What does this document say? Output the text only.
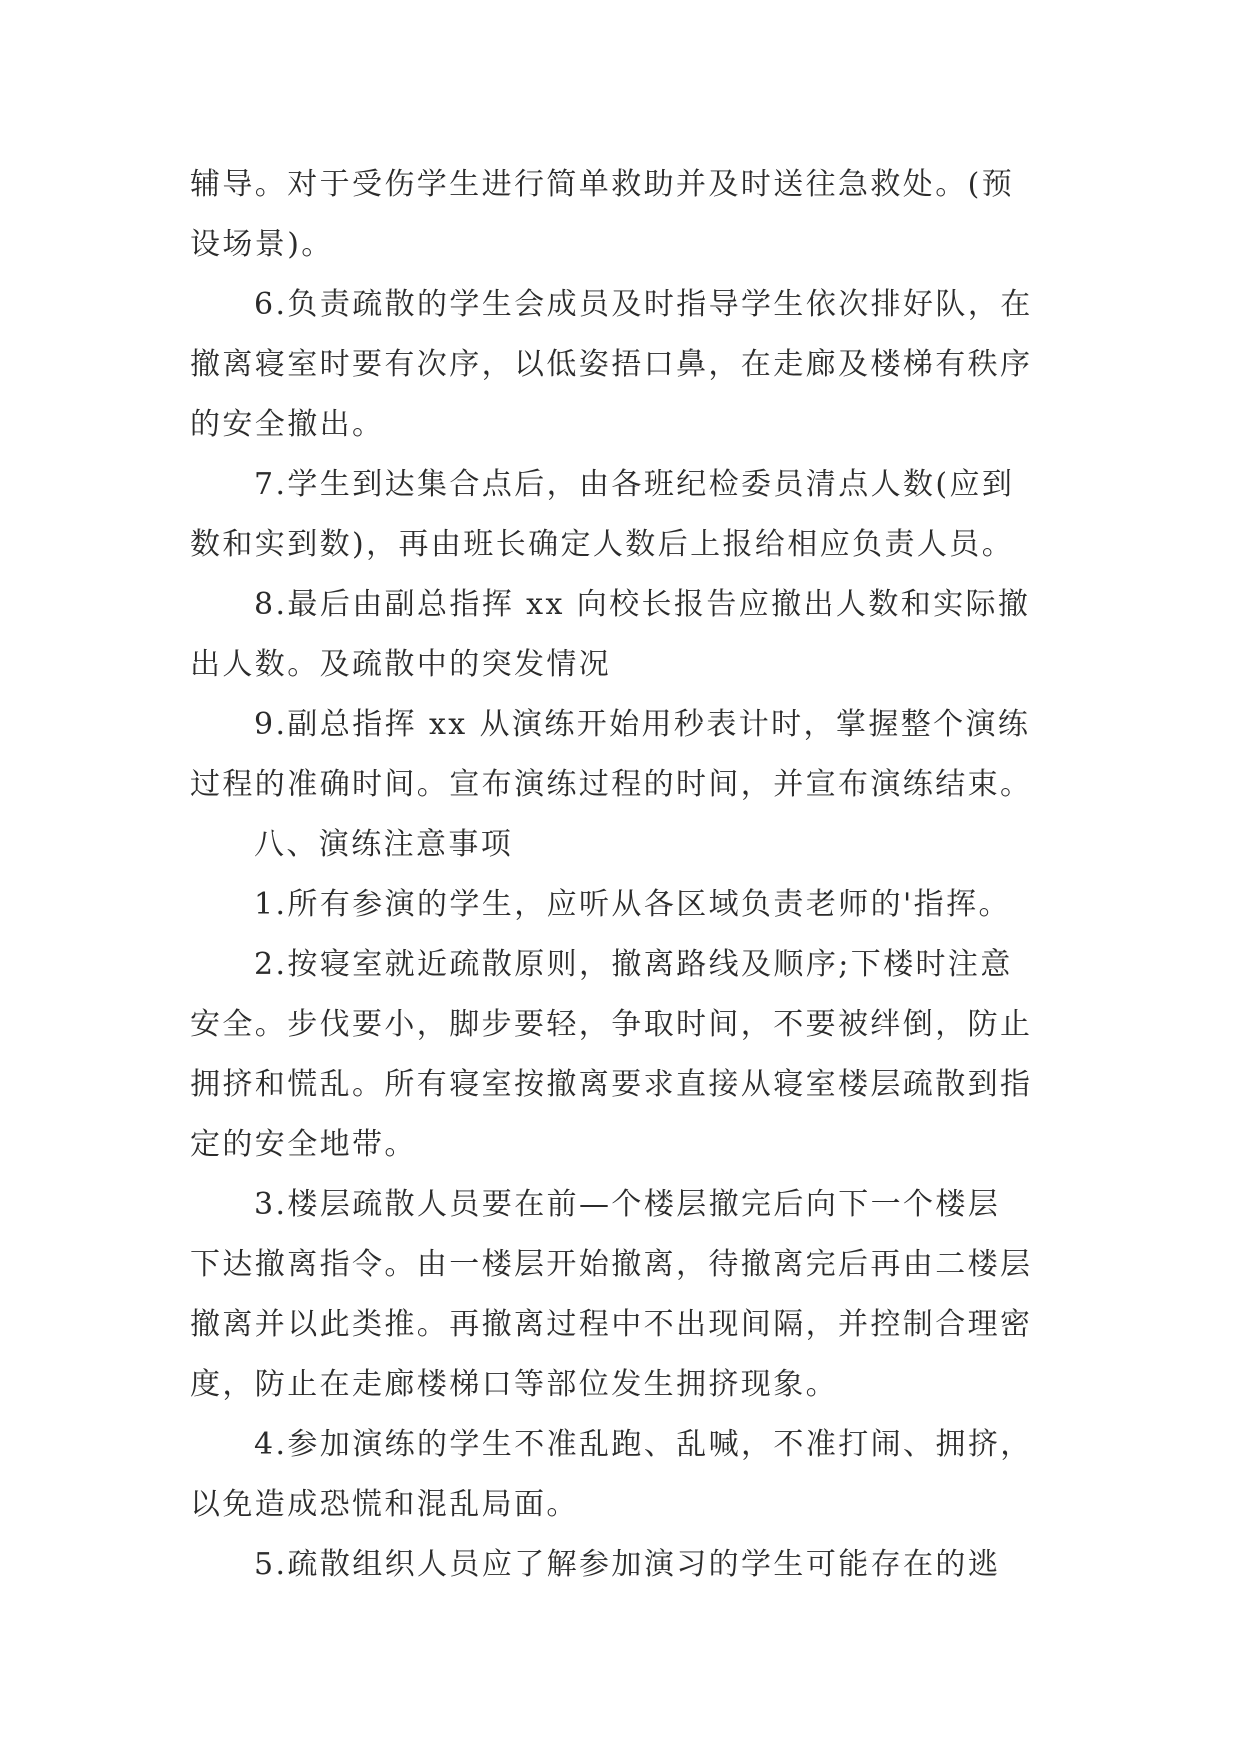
辅导。对于受伤学生进行简单救助并及时送往急救处。(预
设场景)。
6.负责疏散的学生会成员及时指导学生依次排好队，在
撤离寝室时要有次序，以低姿捂口鼻，在走廊及楼梯有秩序
的安全撤出。
7.学生到达集合点后，由各班纪检委员清点人数(应到
数和实到数)，再由班长确定人数后上报给相应负责人员。
8.最后由副总指挥 xx 向校长报告应撤出人数和实际撤
出人数。及疏散中的突发情况
9.副总指挥 xx 从演练开始用秒表计时，掌握整个演练
过程的准确时间。宣布演练过程的时间，并宣布演练结束。
八、演练注意事项
1.所有参演的学生，应听从各区域负责老师的'指挥。
2.按寝室就近疏散原则，撤离路线及顺序;下楼时注意
安全。步伐要小，脚步要轻，争取时间，不要被绊倒，防止
拥挤和慌乱。所有寝室按撤离要求直接从寝室楼层疏散到指
定的安全地带。
3.楼层疏散人员要在前—个楼层撤完后向下一个楼层
下达撤离指令。由一楼层开始撤离，待撤离完后再由二楼层
撤离并以此类推。再撤离过程中不出现间隔，并控制合理密
度，防止在走廊楼梯口等部位发生拥挤现象。
4.参加演练的学生不准乱跑、乱喊，不准打闹、拥挤，
以免造成恐慌和混乱局面。
5.疏散组织人员应了解参加演习的学生可能存在的逃
